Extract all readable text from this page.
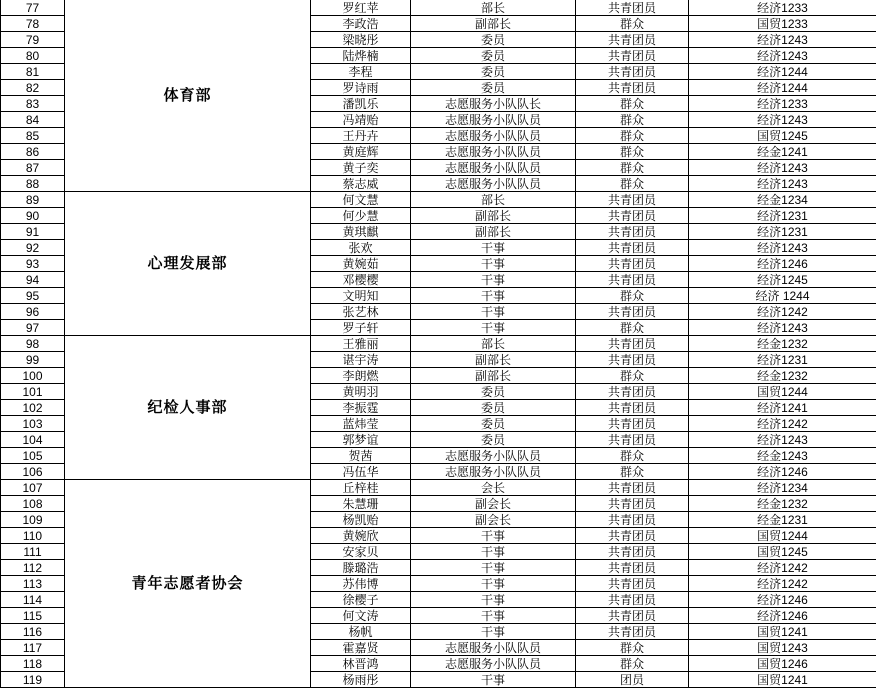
77	体育部	罗红苹	部长	共青团员	经济1233
78		李政浩	副部长	群众	国贸1233
79		梁晓彤	委员	共青团员	经济1243
80		陆烨楠	委员	共青团员	经济1243
81		李程	委员	共青团员	经济1244
82		罗诗雨	委员	共青团员	经济1244
83		潘凯乐	志愿服务小队队长	群众	经济1233
84		冯靖贻	志愿服务小队队员	群众	经济1243
85		王丹卉	志愿服务小队队员	群众	国贸1245
86		黄庭辉	志愿服务小队队员	群众	经金1241
87		黄子奕	志愿服务小队队员	群众	经济1243
88		蔡志威	志愿服务小队队员	群众	经济1243
89	心理发展部	何文慧	部长	共青团员	经金1234
90		何少慧	副部长	共青团员	经济1231
91		黄琪麒	副部长	共青团员	经济1231
92		张欢	干事	共青团员	经济1243
93		黄婉茹	干事	共青团员	经济1246
94		邓樱樱	干事	共青团员	经济1245
95		文明知	干事	群众	经济 1244
96		张艺林	干事	共青团员	经济1242
97		罗子轩	干事	群众	经济1243
98	纪检人事部	王雅丽	部长	共青团员	经金1232
99		谌宇涛	副部长	共青团员	经济1231
100		李朗燃	副部长	群众	经金1232
101		黄明羽	委员	共青团员	国贸1244
102		李振霆	委员	共青团员	经济1241
103		蓝炜莹	委员	共青团员	经济1242
104		郭梦谊	委员	共青团员	经济1243
105		贺茜	志愿服务小队队员	群众	经金1243
106		冯伍华	志愿服务小队队员	群众	经济1246
107	青年志愿者协会	丘梓桂	会长	共青团员	经济1234
108		朱慧珊	副会长	共青团员	经金1232
109		杨凯贻	副会长	共青团员	经金1231
110		黄婉欣	干事	共青团员	国贸1244
111		安家贝	干事	共青团员	国贸1245
112		滕璐浩	干事	共青团员	经济1242
113		苏伟博	干事	共青团员	经济1242
114		徐樱子	干事	共青团员	经济1246
115		何文涛	干事	共青团员	经济1246
116		杨帆	干事	共青团员	国贸1241
117		霍嘉贤	志愿服务小队队员	群众	国贸1243
118		林晋鸿	志愿服务小队队员	群众	国贸1246
119		杨雨彤	干事	团员	国贸1241
